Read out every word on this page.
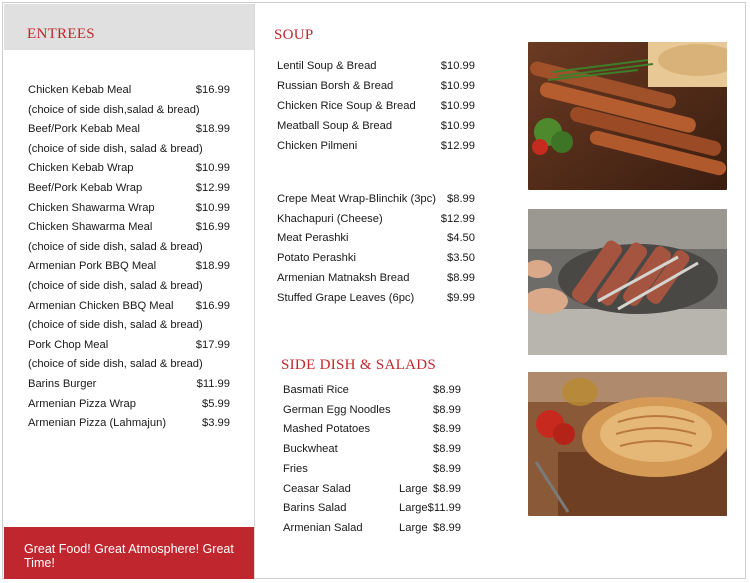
ENTREES
Chicken Kebab Meal	$16.99
(choice of side dish,salad & bread)
Beef/Pork Kebab Meal	$18.99
(choice of side dish, salad & bread)
Chicken Kebab Wrap	$10.99
Beef/Pork Kebab Wrap	$12.99
Chicken Shawarma Wrap	$10.99
Chicken Shawarma Meal	$16.99
(choice of side dish, salad & bread)
Armenian Pork BBQ Meal	$18.99
(choice of side dish, salad & bread)
Armenian Chicken BBQ Meal $16.99
(choice of side dish, salad & bread)
Pork Chop Meal	$17.99
(choice of side dish, salad & bread)
Barins Burger	$11.99
Armenian Pizza Wrap	$5.99
Armenian Pizza (Lahmajun)	$3.99
SOUP
Lentil Soup & Bread	$10.99
Russian Borsh & Bread	$10.99
Chicken Rice Soup & Bread $10.99
Meatball Soup & Bread	$10.99
Chicken Pilmeni	$12.99
Crepe Meat Wrap-Blinchik (3pc) $8.99
Khachapuri (Cheese)	$12.99
Meat Perashki	$4.50
Potato Perashki	$3.50
Armenian Matnaksh Bread	$8.99
Stuffed Grape Leaves (6pc)	$9.99
SIDE DISH & SALADS
Basmati Rice	$8.99
German Egg Noodles	$8.99
Mashed Potatoes	$8.99
Buckwheat	$8.99
Fries	$8.99
Ceasar Salad	Large $8.99
Barins Salad	Large $11.99
Armenian Salad	Large $8.99
Great Food! Great Atmosphere! Great Time!
